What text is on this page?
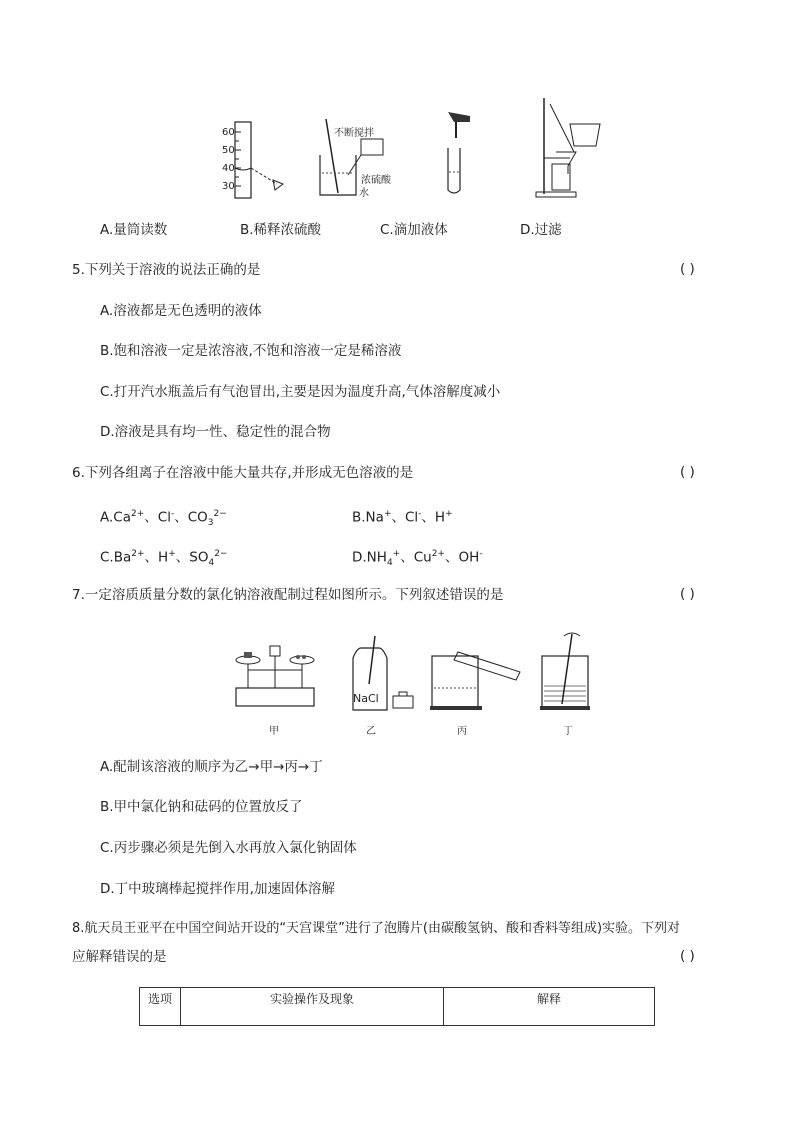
60
50
40
30
不断搅拌
浓硫酸
水
A.量筒读数	B.稀释浓硫酸	C.滴加液体	D.过滤
5.下列关于溶液的说法正确的是	( )
A.溶液都是无色透明的液体
B.饱和溶液一定是浓溶液,不饱和溶液一定是稀溶液
C.打开汽水瓶盖后有气泡冒出,主要是因为温度升高,气体溶解度减小
D.溶液是具有均一性、稳定性的混合物
6.下列各组离子在溶液中能大量共存,并形成无色溶液的是	( )
$A.Ca^{2+}$、Cl-、$CO_3^{2-}$	B.Na+、Cl-、H+
$C.Ba^{2+}$、H+、$SO_4^{2-}$	$D.NH_4^+$、$Cu^{2+}$、OH-
7.一定溶质质量分数的氯化钠溶液配制过程如图所示。下列叙述错误的是	( )
NaCl
甲	乙	丙	丁
A.配制该溶液的顺序为乙→甲→丙→丁
B.甲中氯化钠和砝码的位置放反了
C.丙步骤必须是先倒入水再放入氯化钠固体
D.丁中玻璃棒起搅拌作用,加速固体溶解
8.航天员王亚平在中国空间站开设的“天宫课堂”进行了泡腾片(由碳酸氢钠、酸和香料等组成)实验。下列对
应解释错误的是	( )
选项	实验操作及现象	解释
